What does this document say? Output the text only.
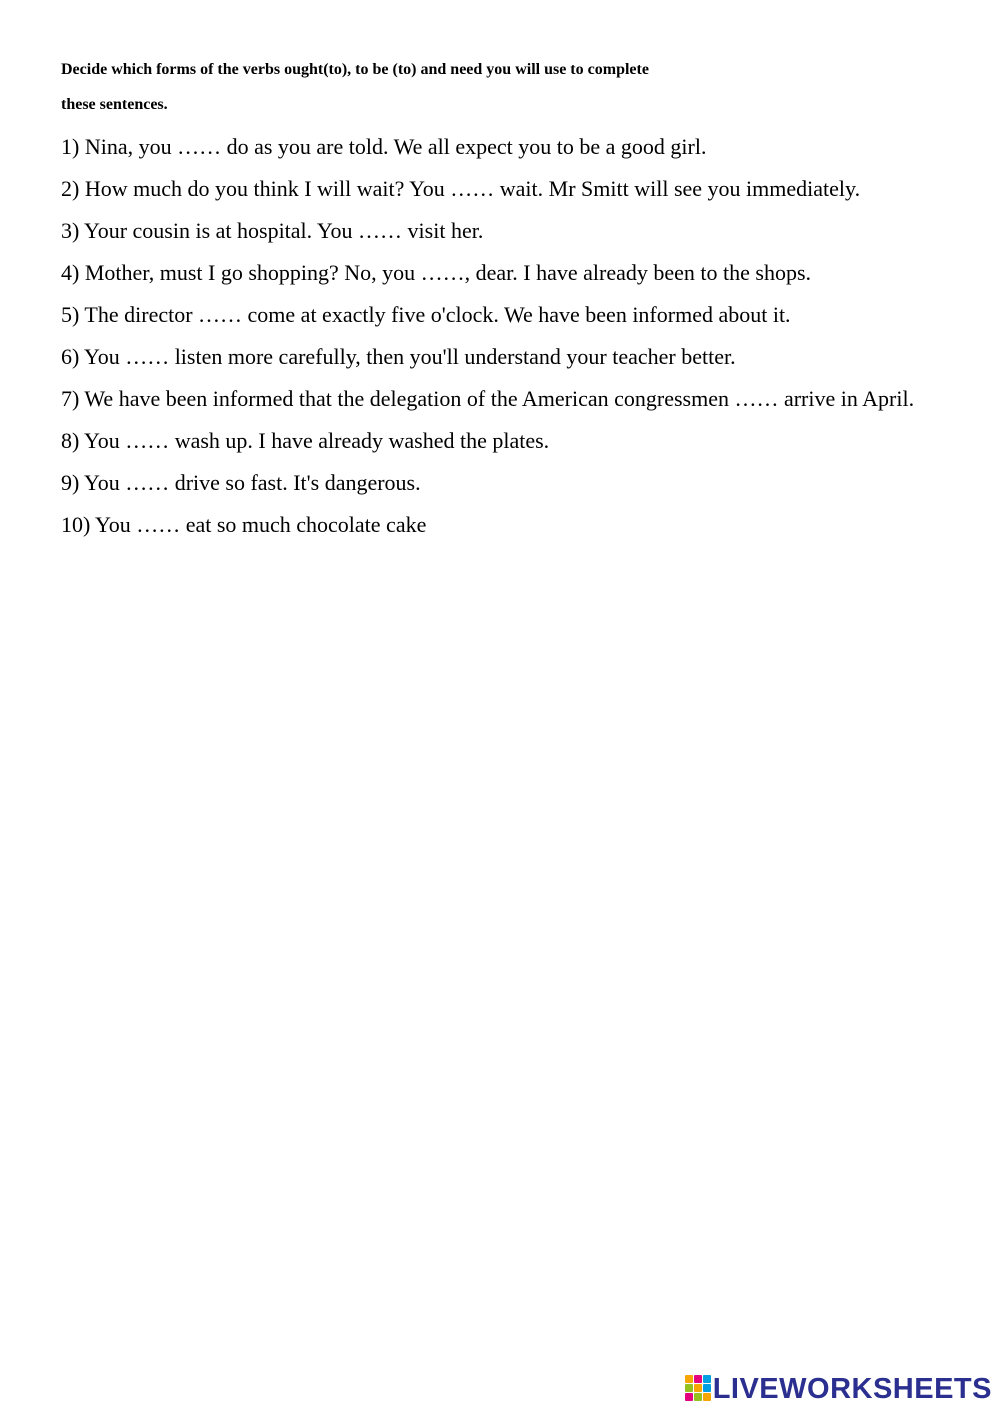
Decide which forms of the verbs ought(to), to be (to) and need you will use to complete
these sentences.
1) Nina, you …… do as you are told. We all expect you to be a good girl.
2) How much do you think I will wait? You …… wait. Mr Smitt will see you immediately.
3) Your cousin is at hospital. You …… visit her.
4) Mother, must I go shopping? No, you ……, dear. I have already been to the shops.
5) The director …… come at exactly five o'clock. We have been informed about it.
6) You …… listen more carefully, then you'll understand your teacher better.
7) We have been informed that the delegation of the American congressmen …… arrive in April.
8) You …… wash up. I have already washed the plates.
9) You …… drive so fast. It's dangerous.
10) You …… eat so much chocolate cake
LIVEWORKSHEETS
